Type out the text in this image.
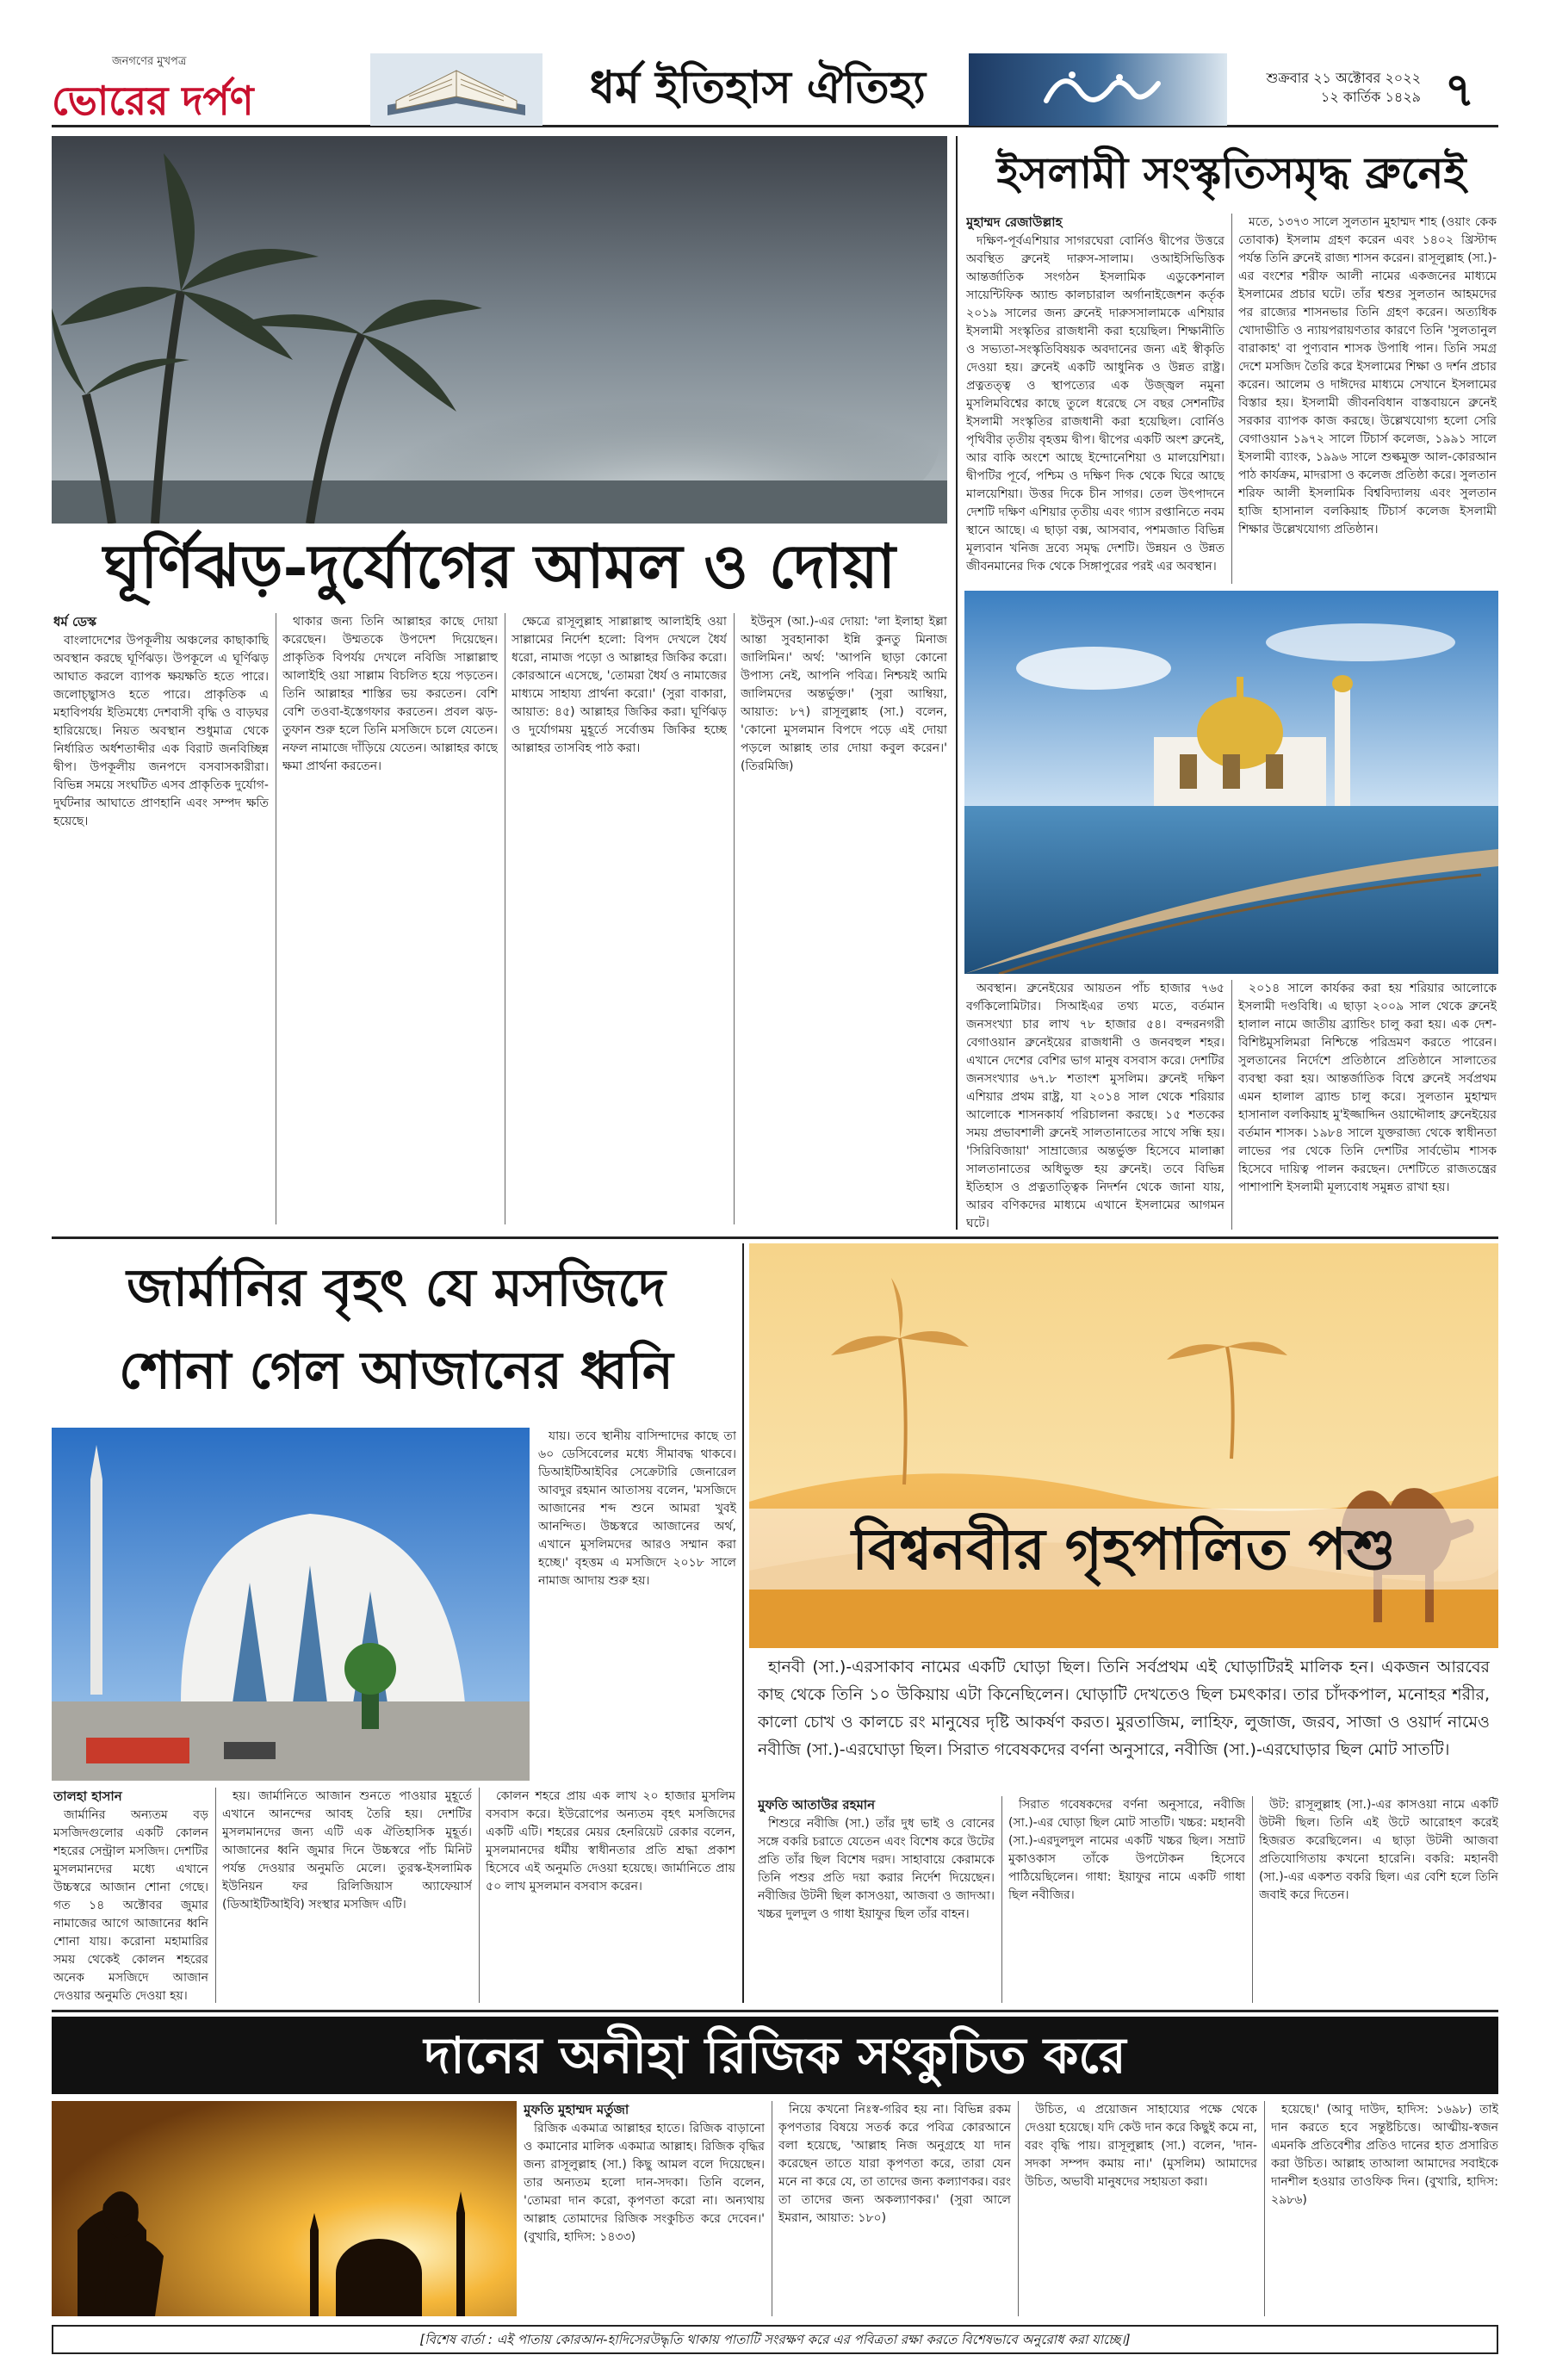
জনগণের মুখপত্র
ভোরের দর্পণ	ধর্ম ইতিহাস ঐতিহ্য	শুক্রবার ২১ অক্টোবর ২০২২
১২ কার্তিক ১৪২৯ ৭
ঘূর্ণিঝড়-দুর্যোগের আমল ও দোয়া
ধর্ম ডেস্ক

বাংলাদেশের উপকূলীয় অঞ্চলের কাছাকাছি অবস্থান করছে ঘূর্ণিঝড়। উপকূলে এ ঘূর্ণিঝড় আঘাত করলে ব্যাপক ক্ষয়ক্ষতি হতে পারে। জলোচ্ছ্বাসও হতে পারে। প্রাকৃতিক এ মহাবিপর্যয় ইতিমধ্যে দেশবাসী বৃদ্ধি ও বাড়ঘর হারিয়েছে। নিয়ত অবস্থান শুধুমাত্র থেকে নির্ধারিত অর্ধশতাব্দীর এক বিরাট জনবিচ্ছিন্ন দ্বীপ। উপকূলীয় জনপদে বসবাসকারীরা। বিভিন্ন সময়ে সংঘটিত এসব প্রাকৃতিক দুর্যোগ-দুর্ঘটনার আঘাতে প্রাণহানি এবং সম্পদ ক্ষতি হয়েছে।

থাকার জন্য তিনি আল্লাহর কাছে দোয়া করেছেন। উম্মতকে উপদেশ দিয়েছেন। প্রাকৃতিক বিপর্যয় দেখলে নবিজি সাল্লাল্লাহু আলাইহি ওয়া সাল্লাম বিচলিত হয়ে পড়তেন। তিনি আল্লাহর শাস্তির ভয় করতেন। বেশি বেশি তওবা-ইস্তেগফার করতেন। প্রবল ঝড়-তুফান শুরু হলে তিনি মসজিদে চলে যেতেন। নফল নামাজে দাঁড়িয়ে যেতেন। আল্লাহর কাছে ক্ষমা প্রার্থনা করতেন।

ক্ষেত্রে রাসূলুল্লাহ সাল্লাল্লাহু আলাইহি ওয়া সাল্লামের নির্দেশ হলো: বিপদ দেখলে ধৈর্য ধরো, নামাজ পড়ো ও আল্লাহর জিকির করো। কোরআনে এসেছে, 'তোমরা ধৈর্য ও নামাজের মাধ্যমে সাহায্য প্রার্থনা করো।' (সুরা বাকারা, আয়াত: ৪৫) আল্লাহর জিকির করা। ঘূর্ণিঝড় ও দুর্যোগময় মুহূর্তে সর্বোত্তম জিকির হচ্ছে আল্লাহর তাসবিহ পাঠ করা।

ইউনুস (আ.)-এর দোয়া: 'লা ইলাহা ইল্লা আন্তা সুবহানাকা ইন্নি কুনতু মিনাজ জালিমিন।' অর্থ: 'আপনি ছাড়া কোনো উপাস্য নেই, আপনি পবিত্র। নিশ্চয়ই আমি জালিমদের অন্তর্ভুক্ত।' (সুরা আম্বিয়া, আয়াত: ৮৭) রাসূলুল্লাহ (সা.) বলেন, 'কোনো মুসলমান বিপদে পড়ে এই দোয়া পড়লে আল্লাহ তার দোয়া কবুল করেন।' (তিরমিজি)

ইসলামী সংস্কৃতিসমৃদ্ধ ব্রুনেই
মুহাম্মদ রেজাউল্লাহ

দক্ষিণ-পূর্বএশিয়ার সাগরঘেরা বোর্নিও দ্বীপের উত্তরে অবস্থিত ব্রুনেই দারুস-সালাম। ওআইসিভিত্তিক আন্তর্জাতিক সংগঠন ইসলামিক এডুকেশনাল সায়েন্টিফিক অ্যান্ড কালচারাল অর্গানাইজেশন কর্তৃক ২০১৯ সালের জন্য ব্রুনেই দারুসসালামকে এশিয়ার ইসলামী সংস্কৃতির রাজধানী করা হয়েছিল। শিক্ষানীতি ও সভ্যতা-সংস্কৃতিবিষয়ক অবদানের জন্য এই স্বীকৃতি দেওয়া হয়। ব্রুনেই একটি আধুনিক ও উন্নত রাষ্ট্র। প্রত্নতত্ত্ব ও স্থাপত্যের এক উজ্জ্বল নমুনা মুসলিমবিশ্বের কাছে তুলে ধরেছে সে বছর সেশনটির ইসলামী সংস্কৃতির রাজধানী করা হয়েছিল। বোর্নিও পৃথিবীর তৃতীয় বৃহত্তম দ্বীপ। দ্বীপের একটি অংশ ব্রুনেই, আর বাকি অংশে আছে ইন্দোনেশিয়া ও মালয়েশিয়া। দ্বীপটির পূর্বে, পশ্চিম ও দক্ষিণ দিক থেকে ঘিরে আছে মালয়েশিয়া। উত্তর দিকে চীন সাগর। তেল উৎপাদনে দেশটি দক্ষিণ এশিয়ার তৃতীয় এবং গ্যাস রপ্তানিতে নবম স্থানে আছে। এ ছাড়া বক্স, আসবাব, পশমজাত বিভিন্ন মূল্যবান খনিজ দ্রব্যে সমৃদ্ধ দেশটি। উন্নয়ন ও উন্নত জীবনমানের দিক থেকে সিঙ্গাপুরের পরই এর অবস্থান।

মতে, ১৩৭৩ সালে সুলতান মুহাম্মদ শাহ (ওয়াং কেক তোবাক) ইসলাম গ্রহণ করেন এবং ১৪০২ খ্রিস্টাব্দ পর্যন্ত তিনি ব্রুনেই রাজ্য শাসন করেন। রাসূলুল্লাহ (সা.)-এর বংশের শরীফ আলী নামের একজনের মাধ্যমে ইসলামের প্রচার ঘটে। তাঁর শ্বশুর সুলতান আহমদের পর রাজ্যের শাসনভার তিনি গ্রহণ করেন। অত্যধিক খোদাভীতি ও ন্যায়পরায়ণতার কারণে তিনি 'সুলতানুল বারাকাহ' বা পুণ্যবান শাসক উপাধি পান। তিনি সমগ্র দেশে মসজিদ তৈরি করে ইসলামের শিক্ষা ও দর্শন প্রচার করেন। আলেম ও দাঈদের মাধ্যমে সেখানে ইসলামের বিস্তার হয়। ইসলামী জীবনবিধান বাস্তবায়নে ব্রুনেই সরকার ব্যাপক কাজ করছে। উল্লেখযোগ্য হলো সেরি বেগাওয়ান ১৯৭২ সালে টিচার্স কলেজ, ১৯৯১ সালে ইসলামী ব্যাংক, ১৯৯৬ সালে শুল্কমুক্ত আল-কোরআন পাঠ কার্যক্রম, মাদরাসা ও কলেজ প্রতিষ্ঠা করে। সুলতান শরিফ আলী ইসলামিক বিশ্ববিদ্যালয় এবং সুলতান হাজি হাসানাল বলকিয়াহ টিচার্স কলেজ ইসলামী শিক্ষার উল্লেখযোগ্য প্রতিষ্ঠান।

অবস্থান। ব্রুনেইয়ের আয়তন পাঁচ হাজার ৭৬৫ বর্গকিলোমিটার। সিআইএর তথ্য মতে, বর্তমান জনসংখ্যা চার লাখ ৭৮ হাজার ৫৪। বন্দরনগরী বেগাওয়ান ব্রুনেইয়ের রাজধানী ও জনবহুল শহর। এখানে দেশের বেশির ভাগ মানুষ বসবাস করে। দেশটির জনসংখ্যার ৬৭.৮ শতাংশ মুসলিম। ব্রুনেই দক্ষিণ এশিয়ার প্রথম রাষ্ট্র, যা ২০১৪ সাল থেকে শরিয়ার আলোকে শাসনকার্য পরিচালনা করছে। ১৫ শতকের সময় প্রভাবশালী ব্রুনেই সালতানাতের সাথে সন্ধি হয়। 'সিরিবিজায়া' সাম্রাজ্যের অন্তর্ভুক্ত হিসেবে মালাক্কা সালতানাতের অধিভুক্ত হয় ব্রুনেই। তবে বিভিন্ন ইতিহাস ও প্রত্নতাত্ত্বিক নিদর্শন থেকে জানা যায়, আরব বণিকদের মাধ্যমে এখানে ইসলামের আগমন ঘটে।

২০১৪ সালে কার্যকর করা হয় শরিয়ার আলোকে ইসলামী দণ্ডবিধি। এ ছাড়া ২০০৯ সাল থেকে ব্রুনেই হালাল নামে জাতীয় ব্র্যান্ডিং চালু করা হয়। এক দেশ-বিশিষ্টমুসলিমরা নিশ্চিন্তে পরিভ্রমণ করতে পারেন। সুলতানের নির্দেশে প্রতিষ্ঠানে প্রতিষ্ঠানে সালাতের ব্যবস্থা করা হয়। আন্তর্জাতিক বিশ্বে ব্রুনেই সর্বপ্রথম এমন হালাল ব্র্যান্ড চালু করে। সুলতান মুহাম্মদ হাসানাল বলকিয়াহ মু'ইজ্জাদ্দিন ওয়াদ্দৌলাহ ব্রুনেইয়ের বর্তমান শাসক। ১৯৮৪ সালে যুক্তরাজ্য থেকে স্বাধীনতা লাভের পর থেকে তিনি দেশটির সার্বভৌম শাসক হিসেবে দায়িত্ব পালন করছেন। দেশটিতে রাজতন্ত্রের পাশাপাশি ইসলামী মূল্যবোধ সমুন্নত রাখা হয়।

জার্মানির বৃহৎ যে মসজিদে
শোনা গেল আজানের ধ্বনি

যায়। তবে স্থানীয় বাসিন্দাদের কাছে তা ৬০ ডেসিবেলের মধ্যে সীমাবদ্ধ থাকবে। ডিআইটিআইবির সেক্রেটারি জেনারেল আবদুর রহমান আতাসয় বলেন, 'মসজিদে আজানের শব্দ শুনে আমরা খুবই আনন্দিত। উচ্চস্বরে আজানের অর্থ, এখানে মুসলিমদের আরও সম্মান করা হচ্ছে।' বৃহত্তম এ মসজিদে ২০১৮ সালে নামাজ আদায় শুরু হয়।

তালহা হাসান

জার্মানির অন্যতম বড় মসজিদগুলোর একটি কোলন শহরের সেন্ট্রাল মসজিদ। দেশটির মুসলমানদের মধ্যে এখানে উচ্চস্বরে আজান শোনা গেছে। গত ১৪ অক্টোবর জুমার নামাজের আগে আজানের ধ্বনি শোনা যায়। করোনা মহামারির সময় থেকেই কোলন শহরের অনেক মসজিদে আজান দেওয়ার অনুমতি দেওয়া হয়।

হয়। জার্মানিতে আজান শুনতে পাওয়ার মুহূর্তে এখানে আনন্দের আবহ তৈরি হয়। দেশটির মুসলমানদের জন্য এটি এক ঐতিহাসিক মুহূর্ত। আজানের ধ্বনি জুমার দিনে উচ্চস্বরে পাঁচ মিনিট পর্যন্ত দেওয়ার অনুমতি মেলে। তুরস্ক-ইসলামিক ইউনিয়ন ফর রিলিজিয়াস অ্যাফেয়ার্স (ডিআইটিআইবি) সংস্থার মসজিদ এটি।

কোলন শহরে প্রায় এক লাখ ২০ হাজার মুসলিম বসবাস করে। ইউরোপের অন্যতম বৃহৎ মসজিদের একটি এটি। শহরের মেয়র হেনরিয়েট রেকার বলেন, মুসলমানদের ধর্মীয় স্বাধীনতার প্রতি শ্রদ্ধা প্রকাশ হিসেবে এই অনুমতি দেওয়া হয়েছে। জার্মানিতে প্রায় ৫০ লাখ মুসলমান বসবাস করেন।

বিশ্বনবীর গৃহপালিত পশু

হানবী (সা.)-এরসাকাব নামের একটি ঘোড়া ছিল। তিনি সর্বপ্রথম এই ঘোড়াটিরই মালিক হন। একজন আরবের কাছ থেকে তিনি ১০ উকিয়ায় এটা কিনেছিলেন। ঘোড়াটি দেখতেও ছিল চমৎকার। তার চাঁদকপাল, মনোহর শরীর, কালো চোখ ও কালচে রং মানুষের দৃষ্টি আকর্ষণ করত। মুরতাজিম, লাহিফ, লুজাজ, জরব, সাজা ও ওয়ার্দ নামেও নবীজি (সা.)-এরঘোড়া ছিল। সিরাত গবেষকদের বর্ণনা অনুসারে, নবীজি (সা.)-এরঘোড়ার ছিল মোট সাতটি।

মুফতি আতাউর রহমান

শিশুরে নবীজি (সা.) তাঁর দুধ ভাই ও বোনের সঙ্গে বকরি চরাতে যেতেন এবং বিশেষ করে উটের প্রতি তাঁর ছিল বিশেষ দরদ। সাহাবায়ে কেরামকে তিনি পশুর প্রতি দয়া করার নির্দেশ দিয়েছেন। নবীজির উটনী ছিল কাসওয়া, আজবা ও জাদআ। খচ্চর দুলদুল ও গাধা ইয়াফুর ছিল তাঁর বাহন।

সিরাত গবেষকদের বর্ণনা অনুসারে, নবীজি (সা.)-এর ঘোড়া ছিল মোট সাতটি। খচ্চর: মহানবী (সা.)-এরদুলদুল নামের একটি খচ্চর ছিল। সম্রাট মুকাওকাস তাঁকে উপঢৌকন হিসেবে পাঠিয়েছিলেন। গাধা: ইয়াফুর নামে একটি গাধা ছিল নবীজির।

উট: রাসূলুল্লাহ (সা.)-এর কাসওয়া নামে একটি উটনী ছিল। তিনি এই উটে আরোহণ করেই হিজরত করেছিলেন। এ ছাড়া উটনী আজবা প্রতিযোগিতায় কখনো হারেনি। বকরি: মহানবী (সা.)-এর একশত বকরি ছিল। এর বেশি হলে তিনি জবাই করে দিতেন।

দানের অনীহা রিজিক সংকুচিত করে
মুফতি মুহাম্মদ মর্তুজা

রিজিক একমাত্র আল্লাহর হাতে। রিজিক বাড়ানো ও কমানোর মালিক একমাত্র আল্লাহ। রিজিক বৃদ্ধির জন্য রাসূলুল্লাহ (সা.) কিছু আমল বলে দিয়েছেন। তার অন্যতম হলো দান-সদকা। তিনি বলেন, 'তোমরা দান করো, কৃপণতা করো না। অন্যথায় আল্লাহ তোমাদের রিজিক সংকুচিত করে দেবেন।' (বুখারি, হাদিস: ১৪৩৩)

নিয়ে কখনো নিঃস্ব-গরিব হয় না। বিভিন্ন রকম কৃপণতার বিষয়ে সতর্ক করে পবিত্র কোরআনে বলা হয়েছে, 'আল্লাহ নিজ অনুগ্রহে যা দান করেছেন তাতে যারা কৃপণতা করে, তারা যেন মনে না করে যে, তা তাদের জন্য কল্যাণকর। বরং তা তাদের জন্য অকল্যাণকর।' (সুরা আলে ইমরান, আয়াত: ১৮০)

উচিত, এ প্রয়োজন সাহায্যের পক্ষে থেকে দেওয়া হয়েছে। যদি কেউ দান করে কিছুই কমে না, বরং বৃদ্ধি পায়। রাসূলুল্লাহ (সা.) বলেন, 'দান-সদকা সম্পদ কমায় না।' (মুসলিম) আমাদের উচিত, অভাবী মানুষদের সহায়তা করা।

হয়েছে।' (আবু দাউদ, হাদিস: ১৬৯৮) তাই দান করতে হবে সন্তুষ্টচিত্তে। আত্মীয়-স্বজন এমনকি প্রতিবেশীর প্রতিও দানের হাত প্রসারিত করা উচিত। আল্লাহ তাআলা আমাদের সবাইকে দানশীল হওয়ার তাওফিক দিন। (বুখারি, হাদিস: ২৯৮৬)

[বিশেষ বার্তা : এই পাতায় কোরআন-হাদিসেরউদ্ধৃতি থাকায় পাতাটি সংরক্ষণ করে এর পবিত্রতা রক্ষা করতে বিশেষভাবে অনুরোধ করা যাচ্ছে।]
